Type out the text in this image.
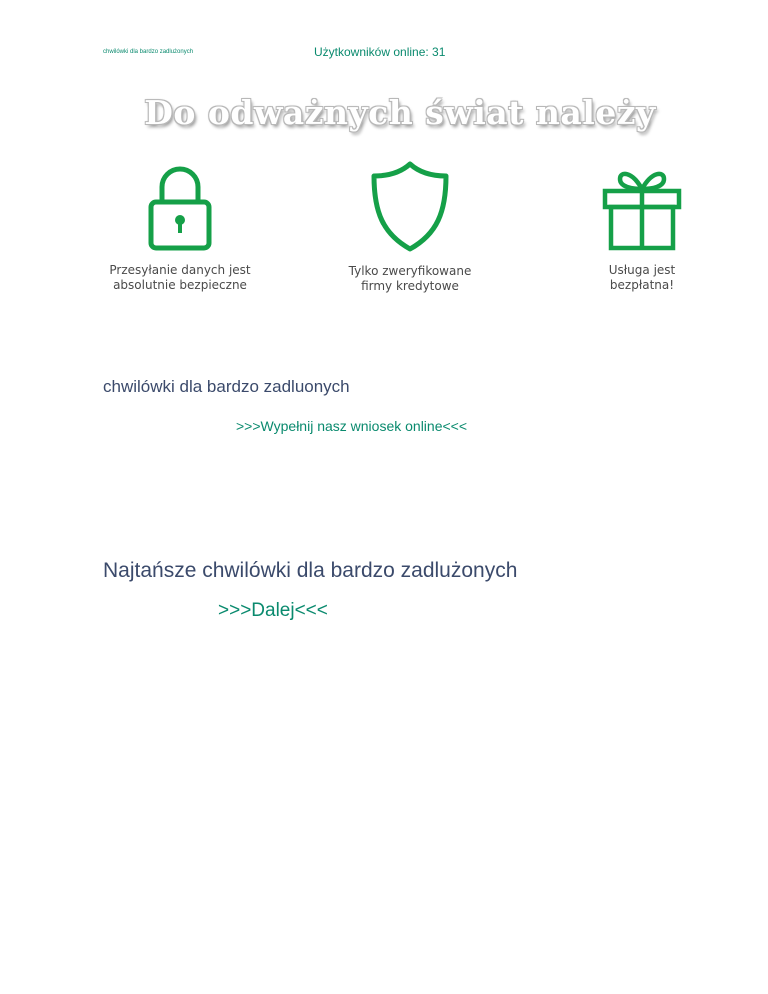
chwilówki dla bardzo zadlużonych	Użytkowników online: 31
Do odważnych świat należy
Przesyłanie danych jest
absolutnie bezpieczne
Tylko zweryfikowane
firmy kredytowe
Usługa jest
bezpłatna!
chwilówki dla bardzo zadluonych
>>>Wypełnij nasz wniosek online<<<
Najtańsze chwilówki dla bardzo zadlużonych
>>>Dalej<<<
